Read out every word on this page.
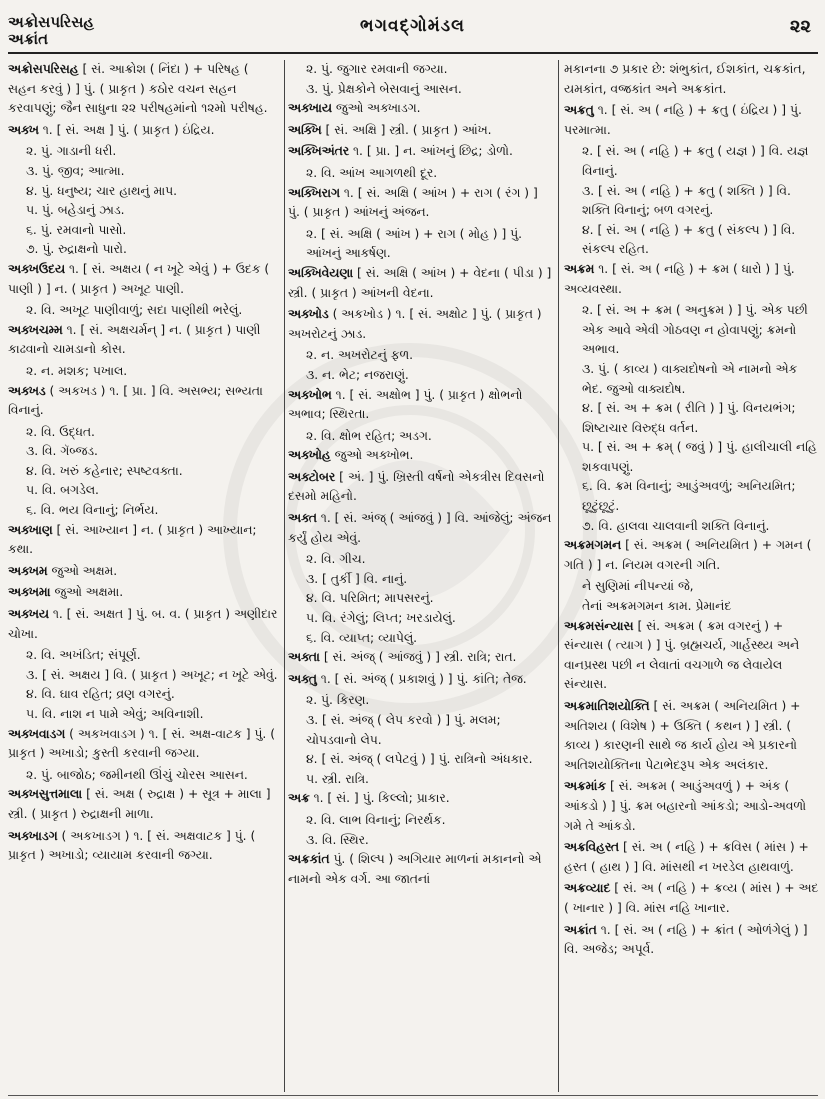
અક્રોસપરિસહ
અક્રાંત
ભગવદ્ગોમંડલ	૨૨

અક્રોસપરિસહ [ સં. આક્રોશ ( નિંદા ) + પરિષહ ( સહન કરવું ) ] પું. ( પ્રાકૃત ) કઠોર વચન સહન કરવાપણું; જૈન સાધુના ૨૨ પરીષહમાંનો ૧૨મો પરીષહ.

અક્ખ ૧. [ સં. અક્ષ ] પું. ( પ્રાકૃત ) ઇંદ્રિય.

૨. પું. ગાડાની ધરી.

૩. પું. જીવ; આત્મા.

૪. પું. ધનુષ્ય; ચાર હાથનું માપ.

૫. પું. બહેડાનું ઝાડ.

૬. પું. રમવાનો પાસો.

૭. પું. રુદ્રાક્ષનો પારો.

અક્ખઉદય ૧. [ સં. અક્ષય ( ન ખૂટે એવું ) + ઉદક ( પાણી ) ] ન. ( પ્રાકૃત ) અખૂટ પાણી.

૨. વિ. અખૂટ પાણીવાળું; સદા પાણીથી ભરેલું.

અક્ખચમ્મ ૧. [ સં. અક્ષચર્મન્ ] ન. ( પ્રાકૃત ) પાણી કાઢવાનો ચામડાનો કોસ.

૨. ન. મશક; પખાલ.

અક્ખડ ( અકખડ ) ૧. [ પ્રા. ] વિ. અસભ્ય; સભ્યતા વિનાનું.

૨. વિ. ઉદ્ધત.

૩. વિ. ગૅબ્જડ.

૪. વિ. ખરું કહેનાર; સ્પષ્ટવક્તા.

૫. વિ. બગડેલ.

૬. વિ. ભય વિનાનું; નિર્ભય.

અક્ખાણ [ સં. આખ્યાન ] ન. ( પ્રાકૃત ) આખ્યાન; કથા.

અક્ખમ જુઓ અક્ષમ.

અક્ખમા જુઓ અક્ષમા.

અક્ખય ૧. [ સં. અક્ષત ] પું. બ. વ. ( પ્રાકૃત ) અણીદાર ચોખા.

૨. વિ. અખંડિત; સંપૂર્ણ.

૩. [ સં. અક્ષય ] વિ. ( પ્રાકૃત ) અખૂટ; ન ખૂટે એવું.

૪. વિ. ઘાવ રહિત; વ્રણ વગરનું.

૫. વિ. નાશ ન પામે એવું; અવિનાશી.

અક્ખવાડગ ( અકખવાડગ ) ૧. [ સં. અક્ષ-વાટક ] પું. ( પ્રાકૃત ) અખાડો; કુસ્તી કરવાની જગ્યા.

૨. પું. બાજોઠ; જમીનથી ઊંચું ચોરસ આસન.

અક્ખસુત્તમાલા [ સં. અક્ષ ( રુદ્રાક્ષ ) + સૂત્ર + માલા ] સ્ત્રી. ( પ્રાકૃત ) રુદ્રાક્ષની માળા.

અક્ખાડગ ( અકખાડગ ) ૧. [ સં. અક્ષવાટક ] પું. ( પ્રાકૃત ) અખાડો; વ્યાયામ કરવાની જગ્યા.

૨. પું. જુગાર રમવાની જગ્યા.

૩. પું. પ્રેક્ષકોને બેસવાનું આસન.

અક્ખાય જુઓ અક્ખાડગ.

અક્ખિ [ સં. અક્ષિ ] સ્ત્રી. ( પ્રાકૃત ) આંખ.

અક્ખિઅંતર ૧. [ પ્રા. ] ન. આંખનું છિદ્ર; ડોળો.

૨. વિ. આંખ આગળથી દૂર.

અક્ખિરાગ ૧. [ સં. અક્ષિ ( આંખ ) + રાગ ( રંગ ) ] પું. ( પ્રાકૃત ) આંખનું અંજન.

૨. [ સં. અક્ષિ ( આંખ ) + રાગ ( મોહ ) ] પું. આંખનું આકર્ષણ.

અક્ખિવેયણા [ સં. અક્ષિ ( આંખ ) + વેદના ( પીડા ) ] સ્ત્રી. ( પ્રાકૃત ) આંખની વેદના.

અક્ખોડ ( અકખોડ ) ૧. [ સં. અક્ષોટ ] પું. ( પ્રાકૃત ) અખરોટનું ઝાડ.

૨. ન. અખરોટનું ફળ.

૩. ન. ભેટ; નજરાણું.

અક્ખોભ ૧. [ સં. અક્ષોભ ] પું. ( પ્રાકૃત ) ક્ષોભનો અભાવ; સ્થિરતા.

૨. વિ. ક્ષોભ રહિત; અડગ.

અક્ખોહ જુઓ અક્ખોભ.

અક્ટોબર [ અં. ] પું. ખ્રિસ્તી વર્ષનો એકત્રીસ દિવસનો દસમો મહિનો.

અક્ત ૧. [ સં. અંજ્ ( આંજવું ) ] વિ. આંજેલું; અંજન કર્યું હોય એવું.

૨. વિ. ગીચ.

૩. [ તુર્કી ] વિ. નાનું.

૪. વિ. પરિમિત; માપસરનું.

૫. વિ. રંગેલું; લિપ્ત; ખરડાયેલું.

૬. વિ. વ્યાપ્ત; વ્યાપેલું.

અક્તા [ સં. અંજ્ ( આંજવું ) ] સ્ત્રી. રાત્રિ; રાત.

અક્તુ ૧. [ સં. અંજ્ ( પ્રકાશવું ) ] પું. કાંતિ; તેજ.

૨. પું. કિરણ.

૩. [ સં. અંજ્ ( લેપ કરવો ) ] પું. મલમ; ચોપડવાનો લેપ.

૪. [ સં. અંજ્ ( લપેટવું ) ] પું. રાત્રિનો અંધકાર.

૫. સ્ત્રી. રાત્રિ.

અક્ર ૧. [ સં. ] પું. કિલ્લો; પ્રાકાર.

૨. વિ. લાભ વિનાનું; નિરર્થક.

૩. વિ. સ્થિર.

અક્રકાંત પું. ( શિલ્પ ) અગિયાર માળનાં મકાનનો એ નામનો એક વર્ગ. આ જાતનાં

મકાનના ૭ પ્રકાર છે: શંભુકાંત, ઈશકાંત, ચક્રકાંત, યમકાંત, વજ્રકાંત અને અક્રકાંત.

અક્રતુ ૧. [ સં. અ ( નહિ ) + ક્રતુ ( ઇંદ્રિય ) ] પું. પરમાત્મા.

૨. [ સં. અ ( નહિ ) + ક્રતુ ( યજ્ઞ ) ] વિ. યજ્ઞ વિનાનું.

૩. [ સં. અ ( નહિ ) + ક્રતુ ( શક્તિ ) ] વિ. શક્તિ વિનાનું; બળ વગરનું.

૪. [ સં. અ ( નહિ ) + ક્રતુ ( સંકલ્પ ) ] વિ. સંકલ્પ રહિત.

અક્રમ ૧. [ સં. અ ( નહિ ) + ક્રમ ( ધારો ) ] પું. અવ્યવસ્થા.

૨. [ સં. અ + ક્રમ ( અનુક્રમ ) ] પું. એક પછી એક આવે એવી ગોઠવણ ન હોવાપણું; ક્રમનો અભાવ.

૩. પું. ( કાવ્ય ) વાક્યદોષનો એ નામનો એક ભેદ. જુઓ વાક્યદોષ.

૪. [ સં. અ + ક્રમ ( રીતિ ) ] પું. વિનયભંગ; શિષ્ટાચાર વિરુદ્ધ વર્તન.

૫. [ સં. અ + ક્રમ્ ( જવું ) ] પું. હાલીચાલી નહિ શકવાપણું.

૬. વિ. ક્રમ વિનાનું; આડુંઅવળું; અનિયમિત; છૂટુંછૂટું.

૭. વિ. હાલવા ચાલવાની શક્તિ વિનાનું.

અક્રમગમન [ સં. અક્રમ ( અનિયમિત ) + ગમન ( ગતિ ) ] ન. નિયમ વગરની ગતિ.

ને સુણિમાં નીપન્યાં જે,

તેનાં અક્રમગમન કામ. પ્રેમાનંદ

અક્રમસંન્યાસ [ સં. અક્રમ ( ક્રમ વગરનું ) + સંન્યાસ ( ત્યાગ ) ] પું. બ્રહ્મચર્ય, ગાર્હસ્થ્ય અને વાનપ્રસ્થ પછી ન લેવાતાં વચગાળે જ લેવાયેલ સંન્યાસ.

અક્રમાતિશયોક્તિ [ સં. અક્રમ ( અનિયમિત ) + અતિશય ( વિશેષ ) + ઉક્તિ ( કથન ) ] સ્ત્રી. ( કાવ્ય ) કારણની સાથે જ કાર્ય હોય એ પ્રકારનો અતિશયોક્તિના પેટાભેદરૂપ એક અલંકાર.

અક્રમાંક [ સં. અક્રમ ( આડુંઅવળું ) + અંક ( આંકડો ) ] પું. ક્રમ બહારનો આંકડો; આડો-અવળો ગમે તે આંકડો.

અક્રવિહસ્ત [ સં. અ ( નહિ ) + ક્રવિસ ( માંસ ) + હસ્ત ( હાથ ) ] વિ. માંસથી ન ખરડેલ હાથવાળું.

અક્રવ્યાદ [ સં. અ ( નહિ ) + ક્રવ્ય ( માંસ ) + અદ ( ખાનાર ) ] વિ. માંસ નહિ ખાનાર.

અક્રાંત ૧. [ સં. અ ( નહિ ) + ક્રાંત ( ઓળંગેલું ) ] વિ. અજેડ; અપૂર્વ.
